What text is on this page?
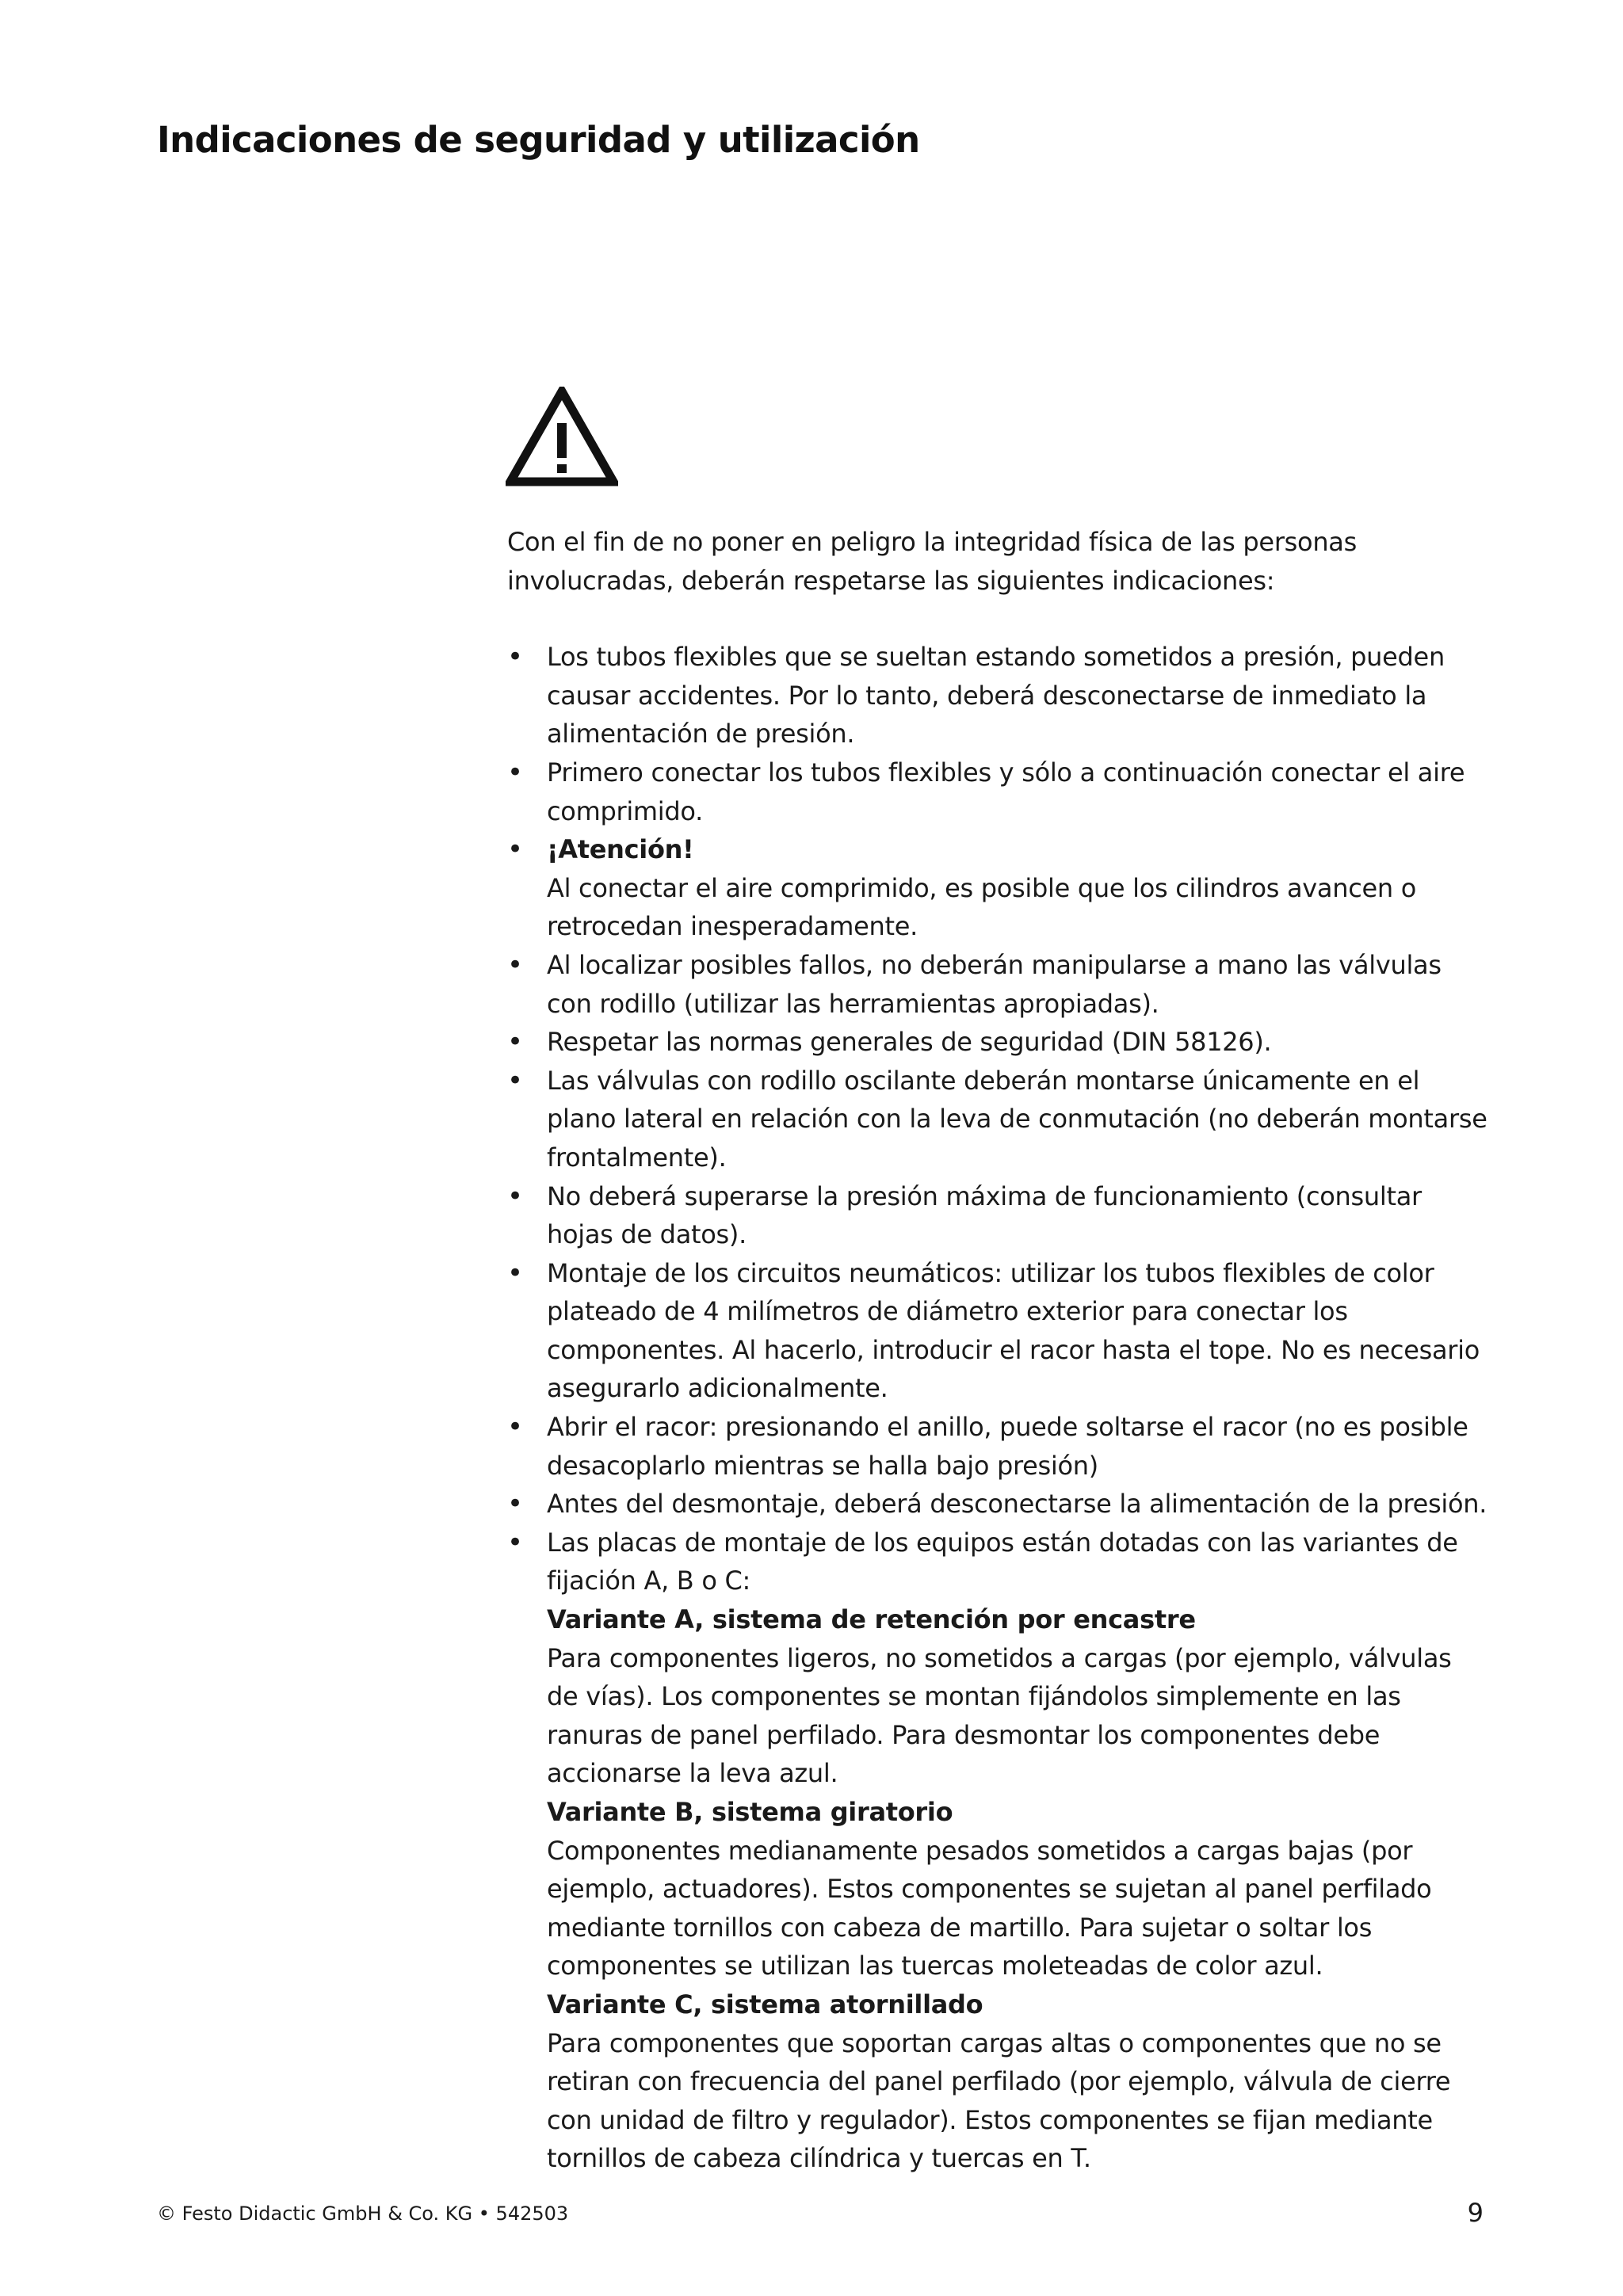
Indicaciones de seguridad y utilización

Con el fin de no poner en peligro la integridad física de las personas involucradas, deberán respetarse las siguientes indicaciones:

• Los tubos flexibles que se sueltan estando sometidos a presión, pueden causar accidentes. Por lo tanto, deberá desconectarse de inmediato la alimentación de presión.
• Primero conectar los tubos flexibles y sólo a continuación conectar el aire comprimido.
• ¡Atención!
Al conectar el aire comprimido, es posible que los cilindros avancen o retrocedan inesperadamente.
• Al localizar posibles fallos, no deberán manipularse a mano las válvulas con rodillo (utilizar las herramientas apropiadas).
• Respetar las normas generales de seguridad (DIN 58126).
• Las válvulas con rodillo oscilante deberán montarse únicamente en el plano lateral en relación con la leva de conmutación (no deberán montarse frontalmente).
• No deberá superarse la presión máxima de funcionamiento (consultar hojas de datos).
• Montaje de los circuitos neumáticos: utilizar los tubos flexibles de color plateado de 4 milímetros de diámetro exterior para conectar los componentes. Al hacerlo, introducir el racor hasta el tope. No es necesario asegurarlo adicionalmente.
• Abrir el racor: presionando el anillo, puede soltarse el racor (no es posible desacoplarlo mientras se halla bajo presión)
• Antes del desmontaje, deberá desconectarse la alimentación de la presión.
• Las placas de montaje de los equipos están dotadas con las variantes de fijación A, B o C:
Variante A, sistema de retención por encastre
Para componentes ligeros, no sometidos a cargas (por ejemplo, válvulas de vías). Los componentes se montan fijándolos simplemente en las ranuras de panel perfilado. Para desmontar los componentes debe accionarse la leva azul.
Variante B, sistema giratorio
Componentes medianamente pesados sometidos a cargas bajas (por ejemplo, actuadores). Estos componentes se sujetan al panel perfilado mediante tornillos con cabeza de martillo. Para sujetar o soltar los componentes se utilizan las tuercas moleteadas de color azul.
Variante C, sistema atornillado
Para componentes que soportan cargas altas o componentes que no se retiran con frecuencia del panel perfilado (por ejemplo, válvula de cierre con unidad de filtro y regulador). Estos componentes se fijan mediante tornillos de cabeza cilíndrica y tuercas en T.
© Festo Didactic GmbH & Co. KG • 542503	9
